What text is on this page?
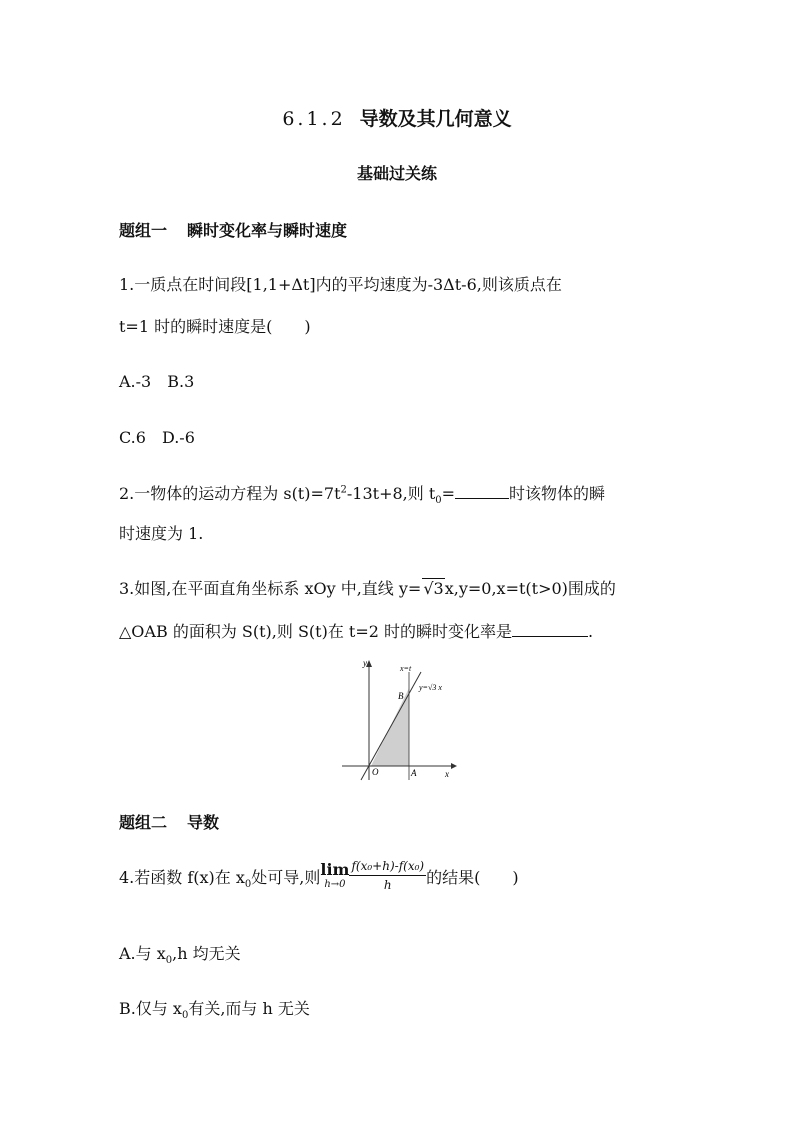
6.1.2 导数及其几何意义
基础过关练
题组一 瞬时变化率与瞬时速度
1.一质点在时间段[1,1+Δt]内的平均速度为-3Δt-6,则该质点在
t=1 时的瞬时速度是(　　)
A.-3　B.3
C.6　D.-6
2.一物体的运动方程为 $s(t)=7t^2-13t+8$,则 $t_0=$	时该物体的瞬
时速度为 1.
3.如图,在平面直角坐标系 xOy 中,直线 y= √3x,y=0,x=t(t>0)围成的
△OAB 的面积为 S(t),则 S(t)在 t=2 时的瞬时变化率是	.
y
x
O	A
B
x=t
y=√3 x
题组二 导数
4.若函数 f(x)在 $x_0$处可导,则 lim
$h\to 0 \frac{\text{f(x₀+h)-f(x₀)}}{h}$ 的结果(　　)
A.与 $x_0,h$ 均无关
B.仅与 $x_0$有关,而与 h 无关
